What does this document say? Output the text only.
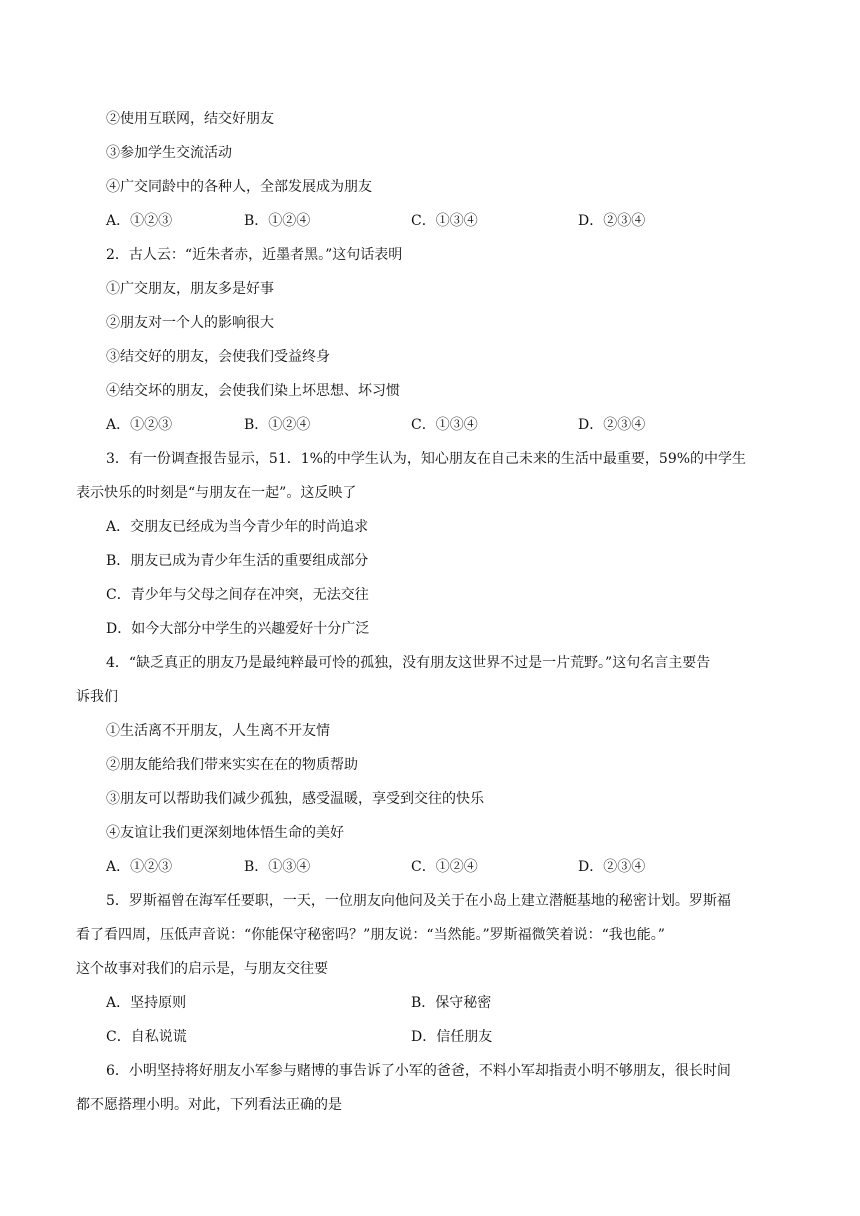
②使用互联网，结交好朋友
③参加学生交流活动
④广交同龄中的各种人，全部发展成为朋友
A．①②③	B．①②④	C．①③④	D．②③④
2．古人云：“近朱者赤，近墨者黑。”这句话表明
①广交朋友，朋友多是好事
②朋友对一个人的影响很大
③结交好的朋友，会使我们受益终身
④结交坏的朋友，会使我们染上坏思想、坏习惯
A．①②③	B．①②④	C．①③④	D．②③④
3．有一份调查报告显示，51．1%的中学生认为，知心朋友在自己未来的生活中最重要，59%的中学生
表示快乐的时刻是“与朋友在一起”。这反映了
A．交朋友已经成为当今青少年的时尚追求
B．朋友已成为青少年生活的重要组成部分
C．青少年与父母之间存在冲突，无法交往
D．如今大部分中学生的兴趣爱好十分广泛
4．“缺乏真正的朋友乃是最纯粹最可怜的孤独，没有朋友这世界不过是一片荒野。”这句名言主要告
诉我们
①生活离不开朋友，人生离不开友情
②朋友能给我们带来实实在在的物质帮助
③朋友可以帮助我们减少孤独，感受温暖，享受到交往的快乐
④友谊让我们更深刻地体悟生命的美好
A．①②③	B．①③④	C．①②④	D．②③④
5．罗斯福曾在海军任要职，一天，一位朋友向他问及关于在小岛上建立潜艇基地的秘密计划。罗斯福
看了看四周，压低声音说：“你能保守秘密吗？”朋友说：“当然能。”罗斯福微笑着说：“我也能。”
这个故事对我们的启示是，与朋友交往要
A．坚持原则	B．保守秘密
C．自私说谎	D．信任朋友
6．小明坚持将好朋友小军参与赌博的事告诉了小军的爸爸，不料小军却指责小明不够朋友，很长时间
都不愿搭理小明。对此，下列看法正确的是
